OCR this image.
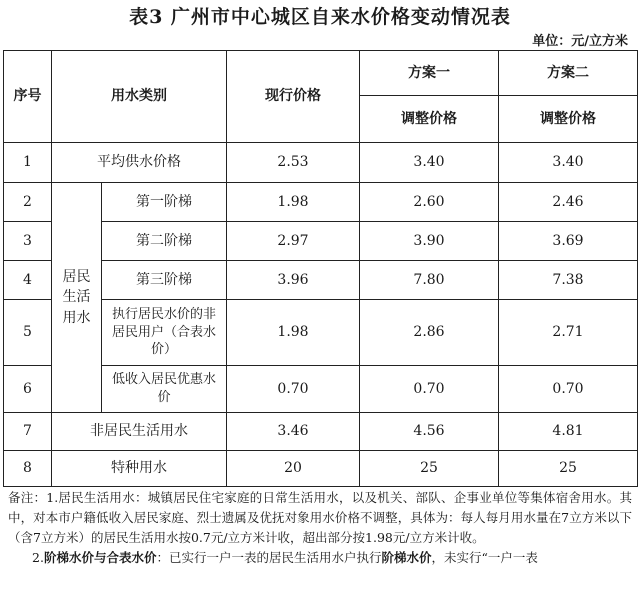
表3 广州市中心城区自来水价格变动情况表
单位：元/立方米
序号	用水类别		现行价格	方案一	方案二
				调整价格	调整价格
1	平均供水价格		2.53	3.40	3.40
2	居民生活用水	第一阶梯	1.98	2.60	2.46
3		第二阶梯	2.97	3.90	3.69
4		第三阶梯	3.96	7.80	7.38
5		执行居民水价的非居民用户（合表水价）	1.98	2.86	2.71
6		低收入居民优惠水价	0.70	0.70	0.70
7	非居民生活用水		3.46	4.56	4.81
8	特种用水		20	25	25
备注：1.居民生活用水：城镇居民住宅家庭的日常生活用水，以及机关、部队、企事业单位等集体宿舍用水。其中，对本市户籍低收入居民家庭、烈士遗属及优抚对象用水价格不调整，具体为：每人每月用水量在7立方米以下（含7立方米）的居民生活用水按0.7元/立方米计收，超出部分按1.98元/立方米计收。
2.阶梯水价与合表水价：已实行一户一表的居民生活用水户执行阶梯水价，未实行“一户一表
